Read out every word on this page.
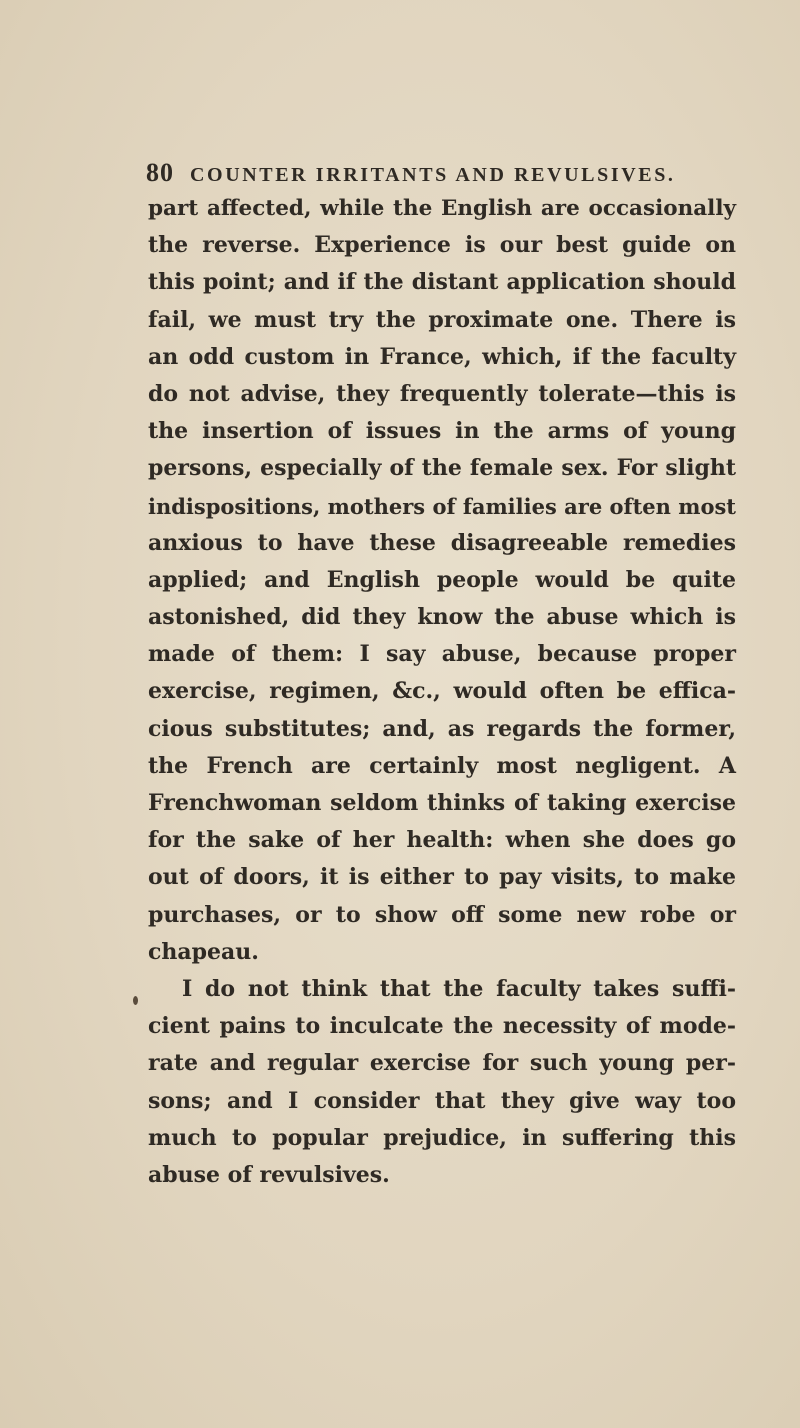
80 COUNTER IRRITANTS AND REVULSIVES.
part affected, while the English are occasionally
the reverse. Experience is our best guide on
this point; and if the distant application should
fail, we must try the proximate one. There is
an odd custom in France, which, if the faculty
do not advise, they frequently tolerate—this is
the insertion of issues in the arms of young
persons, especially of the female sex. For slight
indispositions, mothers of families are often most
anxious to have these disagreeable remedies
applied; and English people would be quite
astonished, did they know the abuse which is
made of them: I say abuse, because proper
exercise, regimen, &c., would often be effica-
cious substitutes; and, as regards the former,
the French are certainly most negligent. A
Frenchwoman seldom thinks of taking exercise
for the sake of her health: when she does go
out of doors, it is either to pay visits, to make
purchases, or to show off some new robe or
chapeau.
I do not think that the faculty takes suffi-
cient pains to inculcate the necessity of mode-
rate and regular exercise for such young per-
sons; and I consider that they give way too
much to popular prejudice, in suffering this
abuse of revulsives.
